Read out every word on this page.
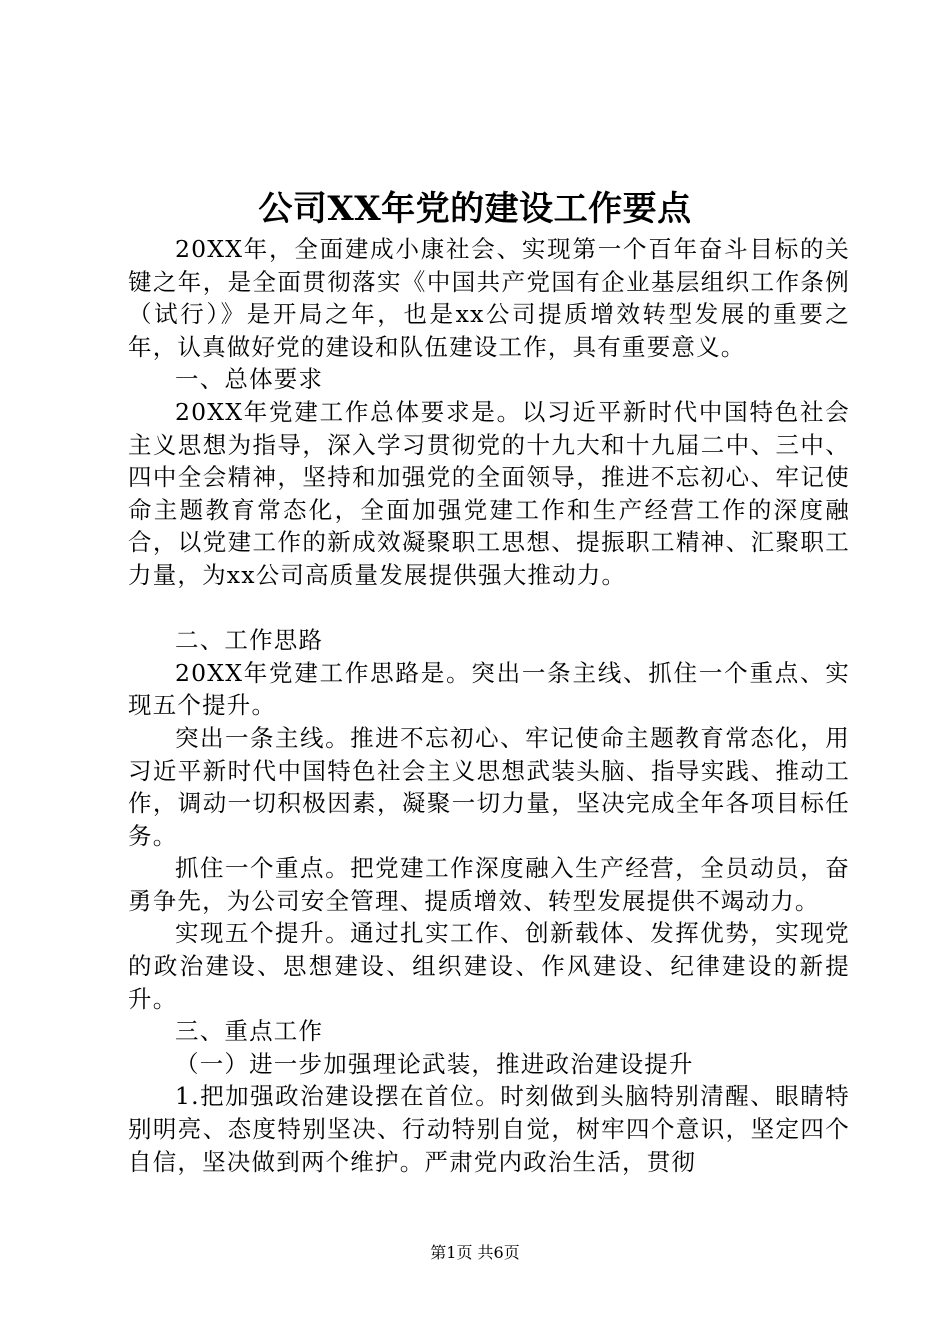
公司XX年党的建设工作要点

20XX年，全面建成小康社会、实现第一个百年奋斗目标的关键之年，是全面贯彻落实《中国共产党国有企业基层组织工作条例（试行）》是开局之年，也是xx公司提质增效转型发展的重要之年，认真做好党的建设和队伍建设工作，具有重要意义。

一、总体要求

20XX年党建工作总体要求是。以习近平新时代中国特色社会主义思想为指导，深入学习贯彻党的十九大和十九届二中、三中、四中全会精神，坚持和加强党的全面领导，推进不忘初心、牢记使命主题教育常态化，全面加强党建工作和生产经营工作的深度融合，以党建工作的新成效凝聚职工思想、提振职工精神、汇聚职工力量，为xx公司高质量发展提供强大推动力。

二、工作思路

20XX年党建工作思路是。突出一条主线、抓住一个重点、实现五个提升。

突出一条主线。推进不忘初心、牢记使命主题教育常态化，用习近平新时代中国特色社会主义思想武装头脑、指导实践、推动工作，调动一切积极因素，凝聚一切力量，坚决完成全年各项目标任务。

抓住一个重点。把党建工作深度融入生产经营，全员动员，奋勇争先，为公司安全管理、提质增效、转型发展提供不竭动力。

实现五个提升。通过扎实工作、创新载体、发挥优势，实现党的政治建设、思想建设、组织建设、作风建设、纪律建设的新提升。

三、重点工作

（一）进一步加强理论武装，推进政治建设提升

1.把加强政治建设摆在首位。时刻做到头脑特别清醒、眼睛特别明亮、态度特别坚决、行动特别自觉，树牢四个意识，坚定四个自信，坚决做到两个维护。严肃党内政治生活，贯彻

第1页 共6页
